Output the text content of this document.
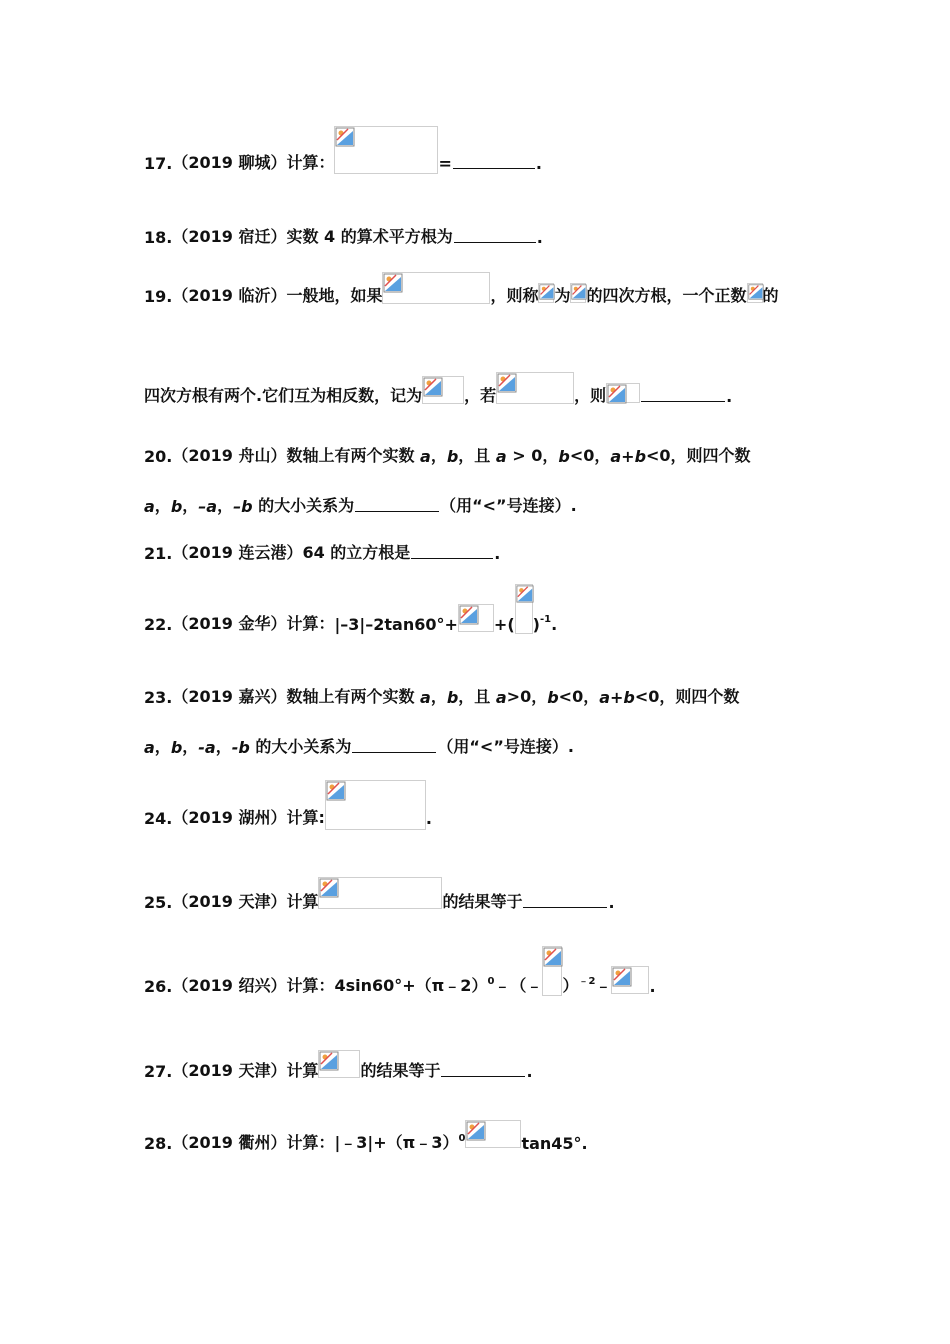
17. （2019 聊城）计算：	=	.
18. （2019 宿迁）实数 4 的算术平方根为	.
19. （2019 临沂）一般地，如果	，则称 为 的四次方根，一个正数 的
四次方根有两个.它们互为相反数，记为	，若	，则	.
20. （2019 舟山）数轴上有两个实数
a ， b ，且 a > 0， b <0， a + b <0，则四个数
a ， b ， –a ， –b 的大小关系为	（用“<”号连接）.
21. （2019 连云港）64 的立方根是	.
22. （2019 金华）计算： |–3|–2tan60°+ +( ) -1 .
23. （2019 嘉兴）数轴上有两个实数 a ， b ，且 a >0， b <0， a + b <0，则四个数
a ， b ， -a ， -b 的大小关系为	（用“<”号连接）.
24. （2019 湖州）计算:	.
25. （2019 天津）计算	的结果等于	.
26. （2019 绍兴）计算：4sin60°+（π﹣2） 0 ﹣（﹣ ） ﹣2 ﹣ .
27. （2019 天津）计算	的结果等于	.
28. （2019 衢州）计算：|﹣3|+（π﹣3） 0	tan45°.
